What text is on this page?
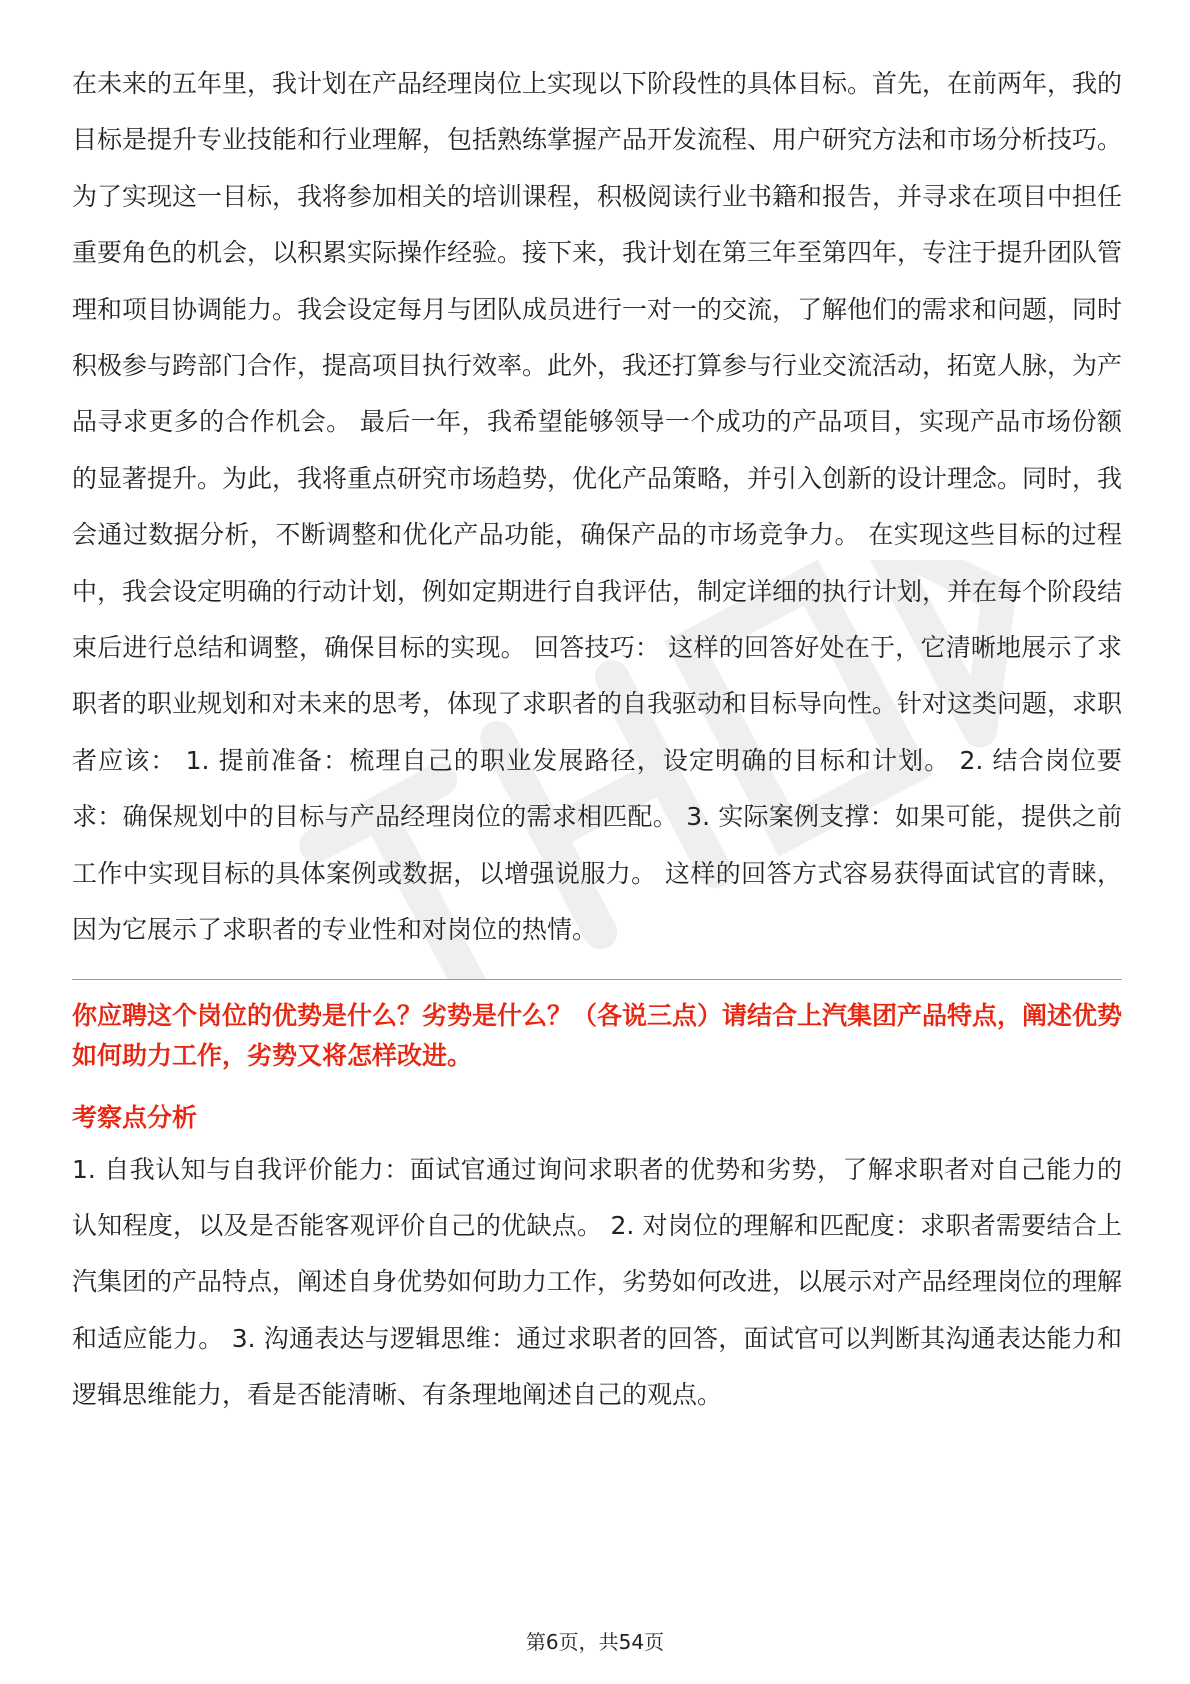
在未来的五年里，我计划在产品经理岗位上实现以下阶段性的具体目标。首先，在前两年，我的目标是提升专业技能和行业理解，包括熟练掌握产品开发流程、用户研究方法和市场分析技巧。为了实现这一目标，我将参加相关的培训课程，积极阅读行业书籍和报告，并寻求在项目中担任重要角色的机会，以积累实际操作经验。接下来，我计划在第三年至第四年，专注于提升团队管理和项目协调能力。我会设定每月与团队成员进行一对一的交流，了解他们的需求和问题，同时积极参与跨部门合作，提高项目执行效率。此外，我还打算参与行业交流活动，拓宽人脉，为产品寻求更多的合作机会。 最后一年，我希望能够领导一个成功的产品项目，实现产品市场份额的显著提升。为此，我将重点研究市场趋势，优化产品策略，并引入创新的设计理念。同时，我会通过数据分析，不断调整和优化产品功能，确保产品的市场竞争力。 在实现这些目标的过程中，我会设定明确的行动计划，例如定期进行自我评估，制定详细的执行计划，并在每个阶段结束后进行总结和调整，确保目标的实现。 回答技巧： 这样的回答好处在于，它清晰地展示了求职者的职业规划和对未来的思考，体现了求职者的自我驱动和目标导向性。针对这类问题，求职者应该： 1. 提前准备：梳理自己的职业发展路径，设定明确的目标和计划。 2. 结合岗位要求：确保规划中的目标与产品经理岗位的需求相匹配。 3. 实际案例支撑：如果可能，提供之前工作中实现目标的具体案例或数据，以增强说服力。 这样的回答方式容易获得面试官的青睐，因为它展示了求职者的专业性和对岗位的热情。

你应聘这个岗位的优势是什么？劣势是什么？（各说三点）请结合上汽集团产品特点，阐述优势如何助力工作，劣势又将怎样改进。

考察点分析

1. 自我认知与自我评价能力：面试官通过询问求职者的优势和劣势，了解求职者对自己能力的认知程度，以及是否能客观评价自己的优缺点。 2. 对岗位的理解和匹配度：求职者需要结合上汽集团的产品特点，阐述自身优势如何助力工作，劣势如何改进，以展示对产品经理岗位的理解和适应能力。 3. 沟通表达与逻辑思维：通过求职者的回答，面试官可以判断其沟通表达能力和逻辑思维能力，看是否能清晰、有条理地阐述自己的观点。

第6页，共54页
